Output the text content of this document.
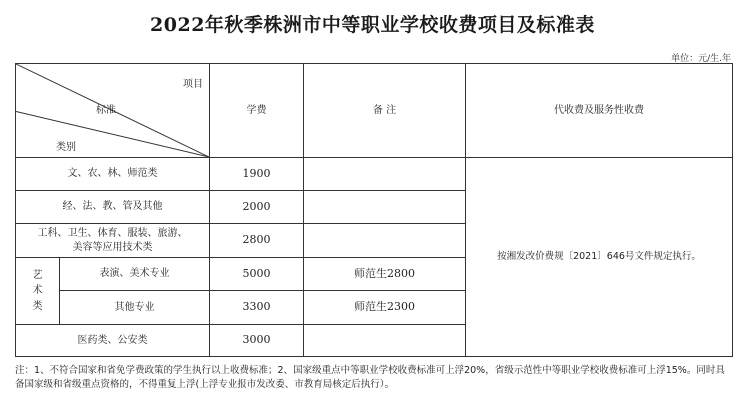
2022年秋季株洲市中等职业学校收费项目及标准表
单位：元/生.年
项目
标准
类别		学费	备 注	代收费及服务性收费
文、农、林、师范类		1900		按湘发改价费规〔2021〕646号文件规定执行。
经、法、教、管及其他		2000		

工科、卫生、体育、服装、旅游、
美容等应用技术类		2800		

艺
术
类	表演、美术专业	5000	师范生2800	
	其他专业	3300	师范生2300	
医药类、公安类		3000		
注：1、不符合国家和省免学费政策的学生执行以上收费标准；2、国家级重点中等职业学校收费标准可上浮20%，省级示范性中等职业学校收费标准可上浮15%。同时具备国家级和省级重点资格的，不得重复上浮(上浮专业报市发改委、市教育局核定后执行）。
